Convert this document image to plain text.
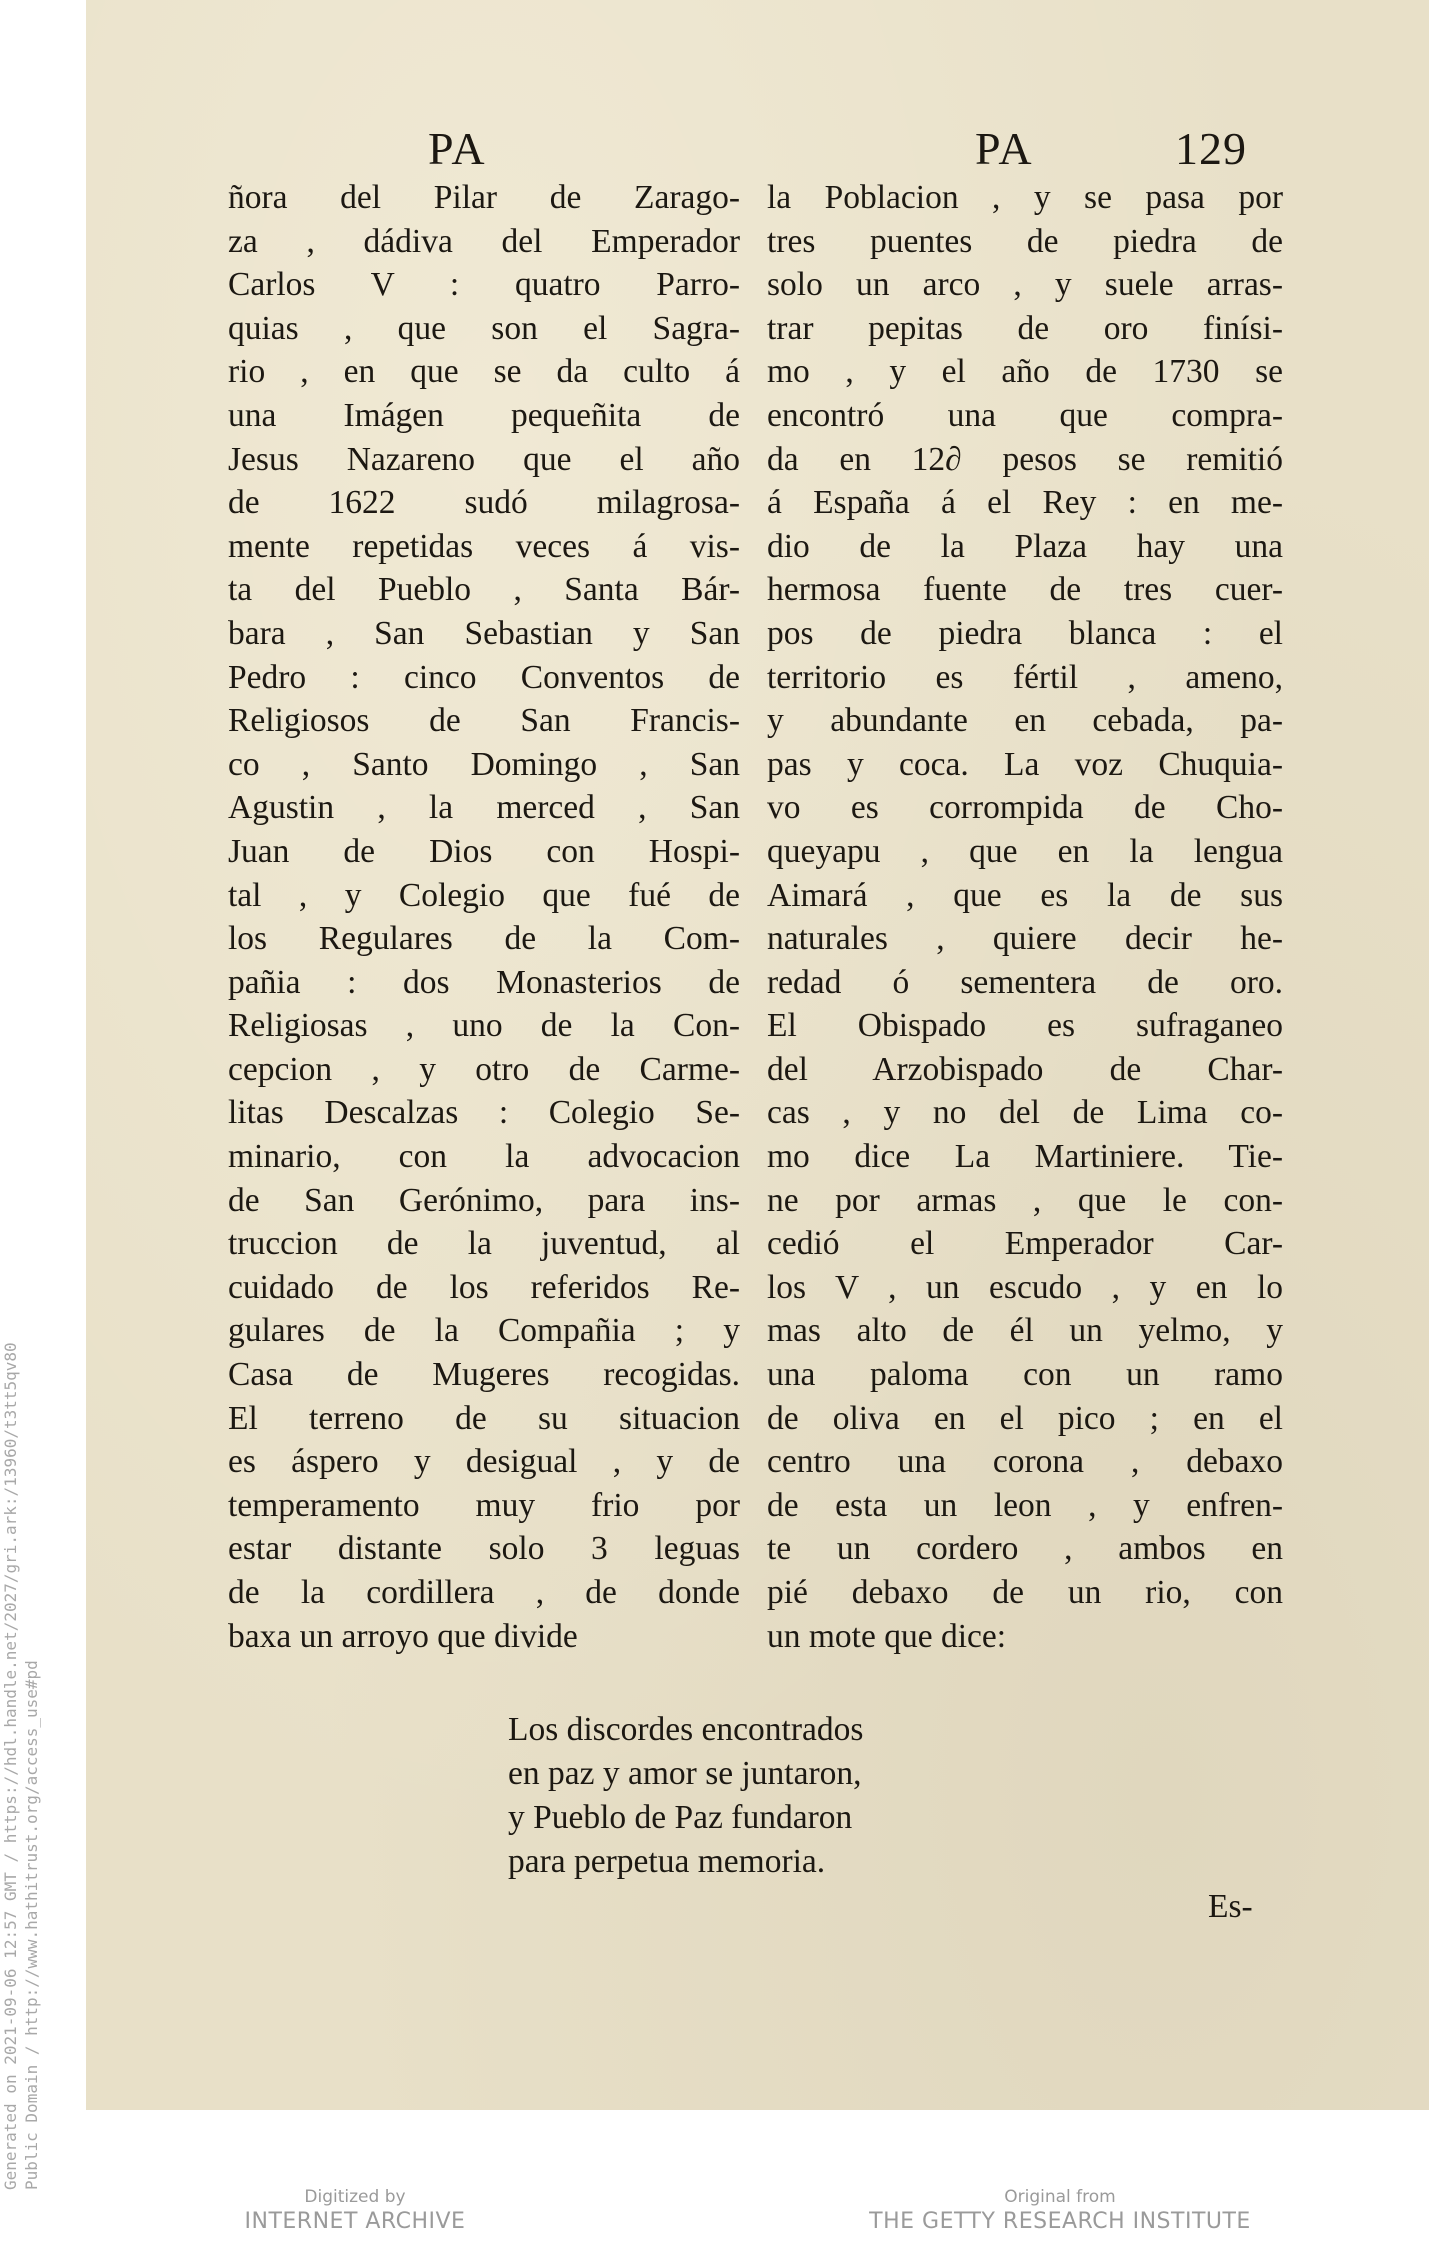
PA	PA	129
ñora del Pilar de Zarago-
za , dádiva del Emperador
Carlos V : quatro Parro-
quias , que son el Sagra-
rio , en que se da culto á
una Imágen pequeñita de
Jesus Nazareno que el año
de 1622 sudó milagrosa-
mente repetidas veces á vis-
ta del Pueblo , Santa Bár-
bara , San Sebastian y San
Pedro : cinco Conventos de
Religiosos de San Francis-
co , Santo Domingo , San
Agustin , la merced , San
Juan de Dios con Hospi-
tal , y Colegio que fué de
los Regulares de la Com-
pañia : dos Monasterios de
Religiosas , uno de la Con-
cepcion , y otro de Carme-
litas Descalzas : Colegio Se-
minario, con la advocacion
de San Gerónimo, para ins-
truccion de la juventud, al
cuidado de los referidos Re-
gulares de la Compañia ; y
Casa de Mugeres recogidas.
El terreno de su situacion
es áspero y desigual , y de
temperamento muy frio por
estar distante solo 3 leguas
de la cordillera , de donde
baxa un arroyo que divide
la Poblacion , y se pasa por
tres puentes de piedra de
solo un arco , y suele arras-
trar pepitas de oro finísi-
mo , y el año de 1730 se
encontró una que compra-
da en 12∂ pesos se remitió
á España á el Rey : en me-
dio de la Plaza hay una
hermosa fuente de tres cuer-
pos de piedra blanca : el
territorio es fértil , ameno,
y abundante en cebada, pa-
pas y coca. La voz Chuquia-
vo es corrompida de Cho-
queyapu , que en la lengua
Aimará , que es la de sus
naturales , quiere decir he-
redad ó sementera de oro.
El Obispado es sufraganeo
del Arzobispado de Char-
cas , y no del de Lima co-
mo dice La Martiniere. Tie-
ne por armas , que le con-
cedió el Emperador Car-
los V , un escudo , y en lo
mas alto de él un yelmo, y
una paloma con un ramo
de oliva en el pico ; en el
centro una corona , debaxo
de esta un leon , y enfren-
te un cordero , ambos en
pié debaxo de un rio, con
un mote que dice:
Los discordes encontrados
en paz y amor se juntaron,
y Pueblo de Paz fundaron
para perpetua memoria.
Es-
Generated on 2021-09-06 12:57 GMT / https://hdl.handle.net/2027/gri.ark:/13960/t3tt5qv80 Public Domain / http://www.hathitrust.org/access_use#pd
Digitized by
INTERNET ARCHIVE
Original from
THE GETTY RESEARCH INSTITUTE
